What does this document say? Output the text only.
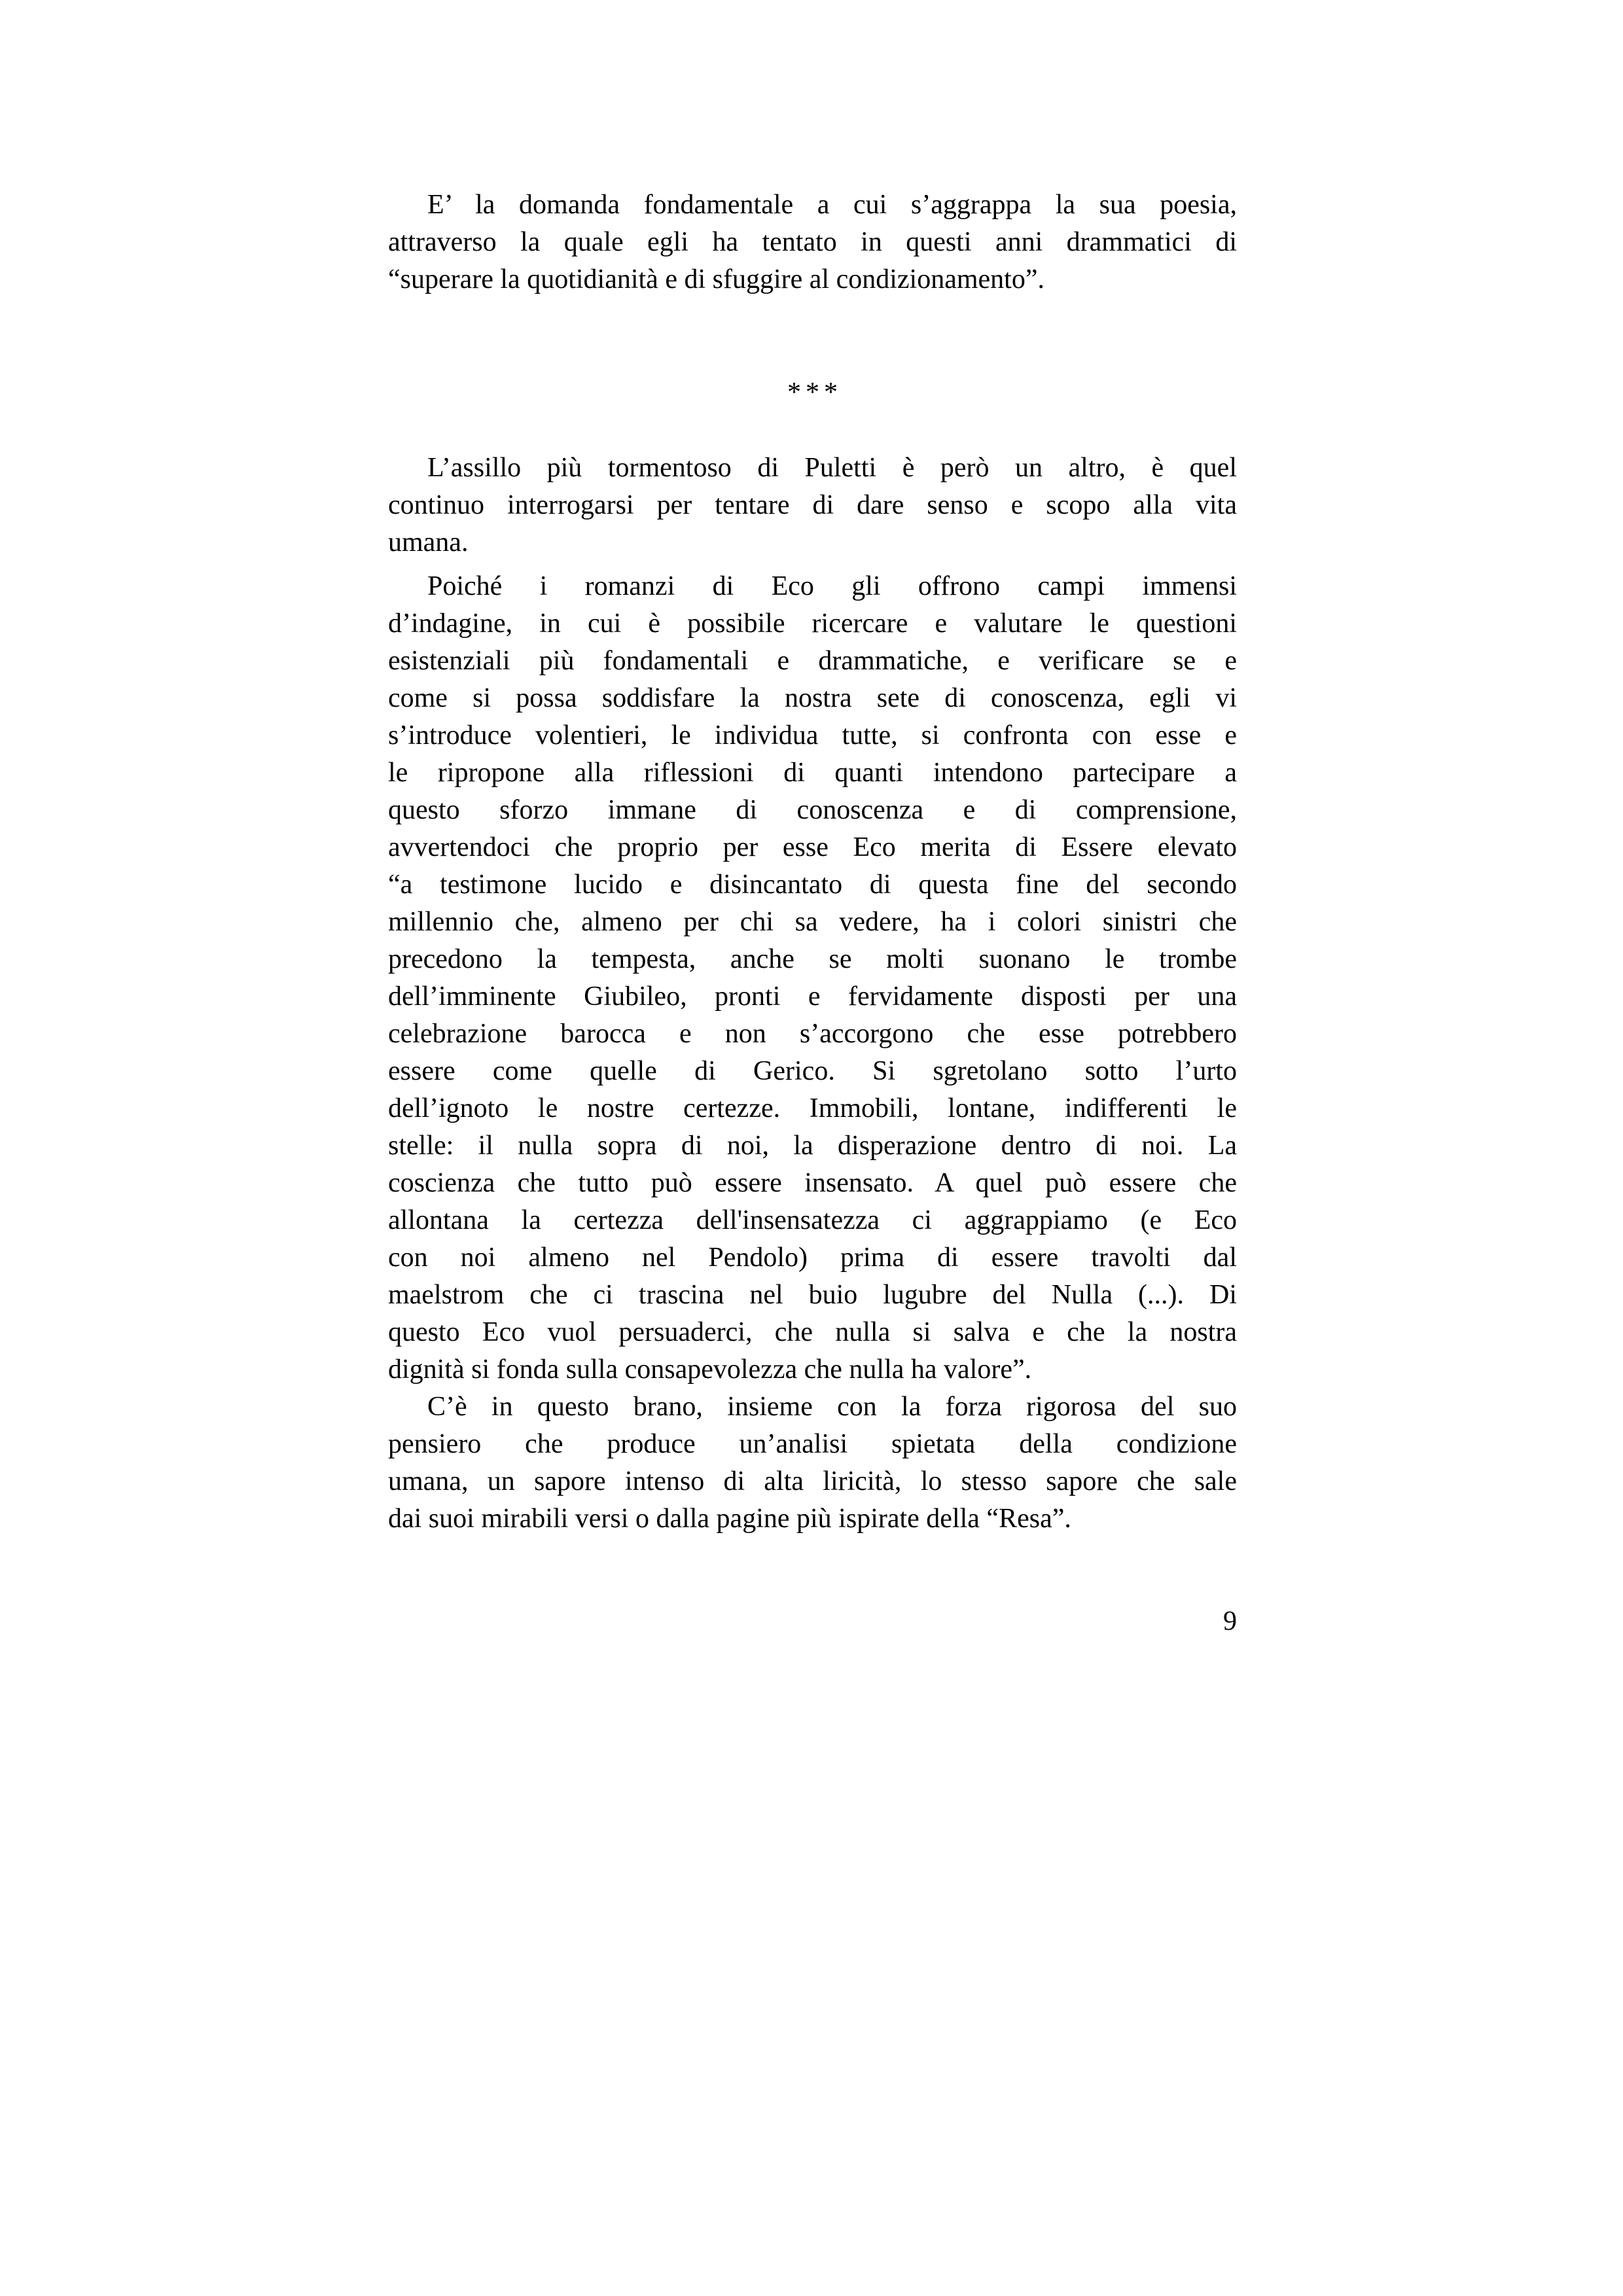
E’ la domanda fondamentale a cui s’aggrappa la sua poesia,
attraverso la quale egli ha tentato in questi anni drammatici di
“superare la quotidianità e di sfuggire al condizionamento”.
***
L’assillo più tormentoso di Puletti è però un altro, è quel
continuo interrogarsi per tentare di dare senso e scopo alla vita
umana.
Poiché i romanzi di Eco gli offrono campi immensi
d’indagine, in cui è possibile ricercare e valutare le questioni
esistenziali più fondamentali e drammatiche, e verificare se e
come si possa soddisfare la nostra sete di conoscenza, egli vi
s’introduce volentieri, le individua tutte, si confronta con esse e
le ripropone alla riflessioni di quanti intendono partecipare a
questo sforzo immane di conoscenza e di comprensione,
avvertendoci che proprio per esse Eco merita di Essere elevato
“a testimone lucido e disincantato di questa fine del secondo
millennio che, almeno per chi sa vedere, ha i colori sinistri che
precedono la tempesta, anche se molti suonano le trombe
dell’imminente Giubileo, pronti e fervidamente disposti per una
celebrazione barocca e non s’accorgono che esse potrebbero
essere come quelle di Gerico. Si sgretolano sotto l’urto
dell’ignoto le nostre certezze. Immobili, lontane, indifferenti le
stelle: il nulla sopra di noi, la disperazione dentro di noi. La
coscienza che tutto può essere insensato. A quel può essere che
allontana la certezza dell'insensatezza ci aggrappiamo (e Eco
con noi almeno nel Pendolo) prima di essere travolti dal
maelstrom che ci trascina nel buio lugubre del Nulla (...). Di
questo Eco vuol persuaderci, che nulla si salva e che la nostra
dignità si fonda sulla consapevolezza che nulla ha valore”.
C’è in questo brano, insieme con la forza rigorosa del suo
pensiero che produce un’analisi spietata della condizione
umana, un sapore intenso di alta liricità, lo stesso sapore che sale
dai suoi mirabili versi o dalla pagine più ispirate della “Resa”.
9
